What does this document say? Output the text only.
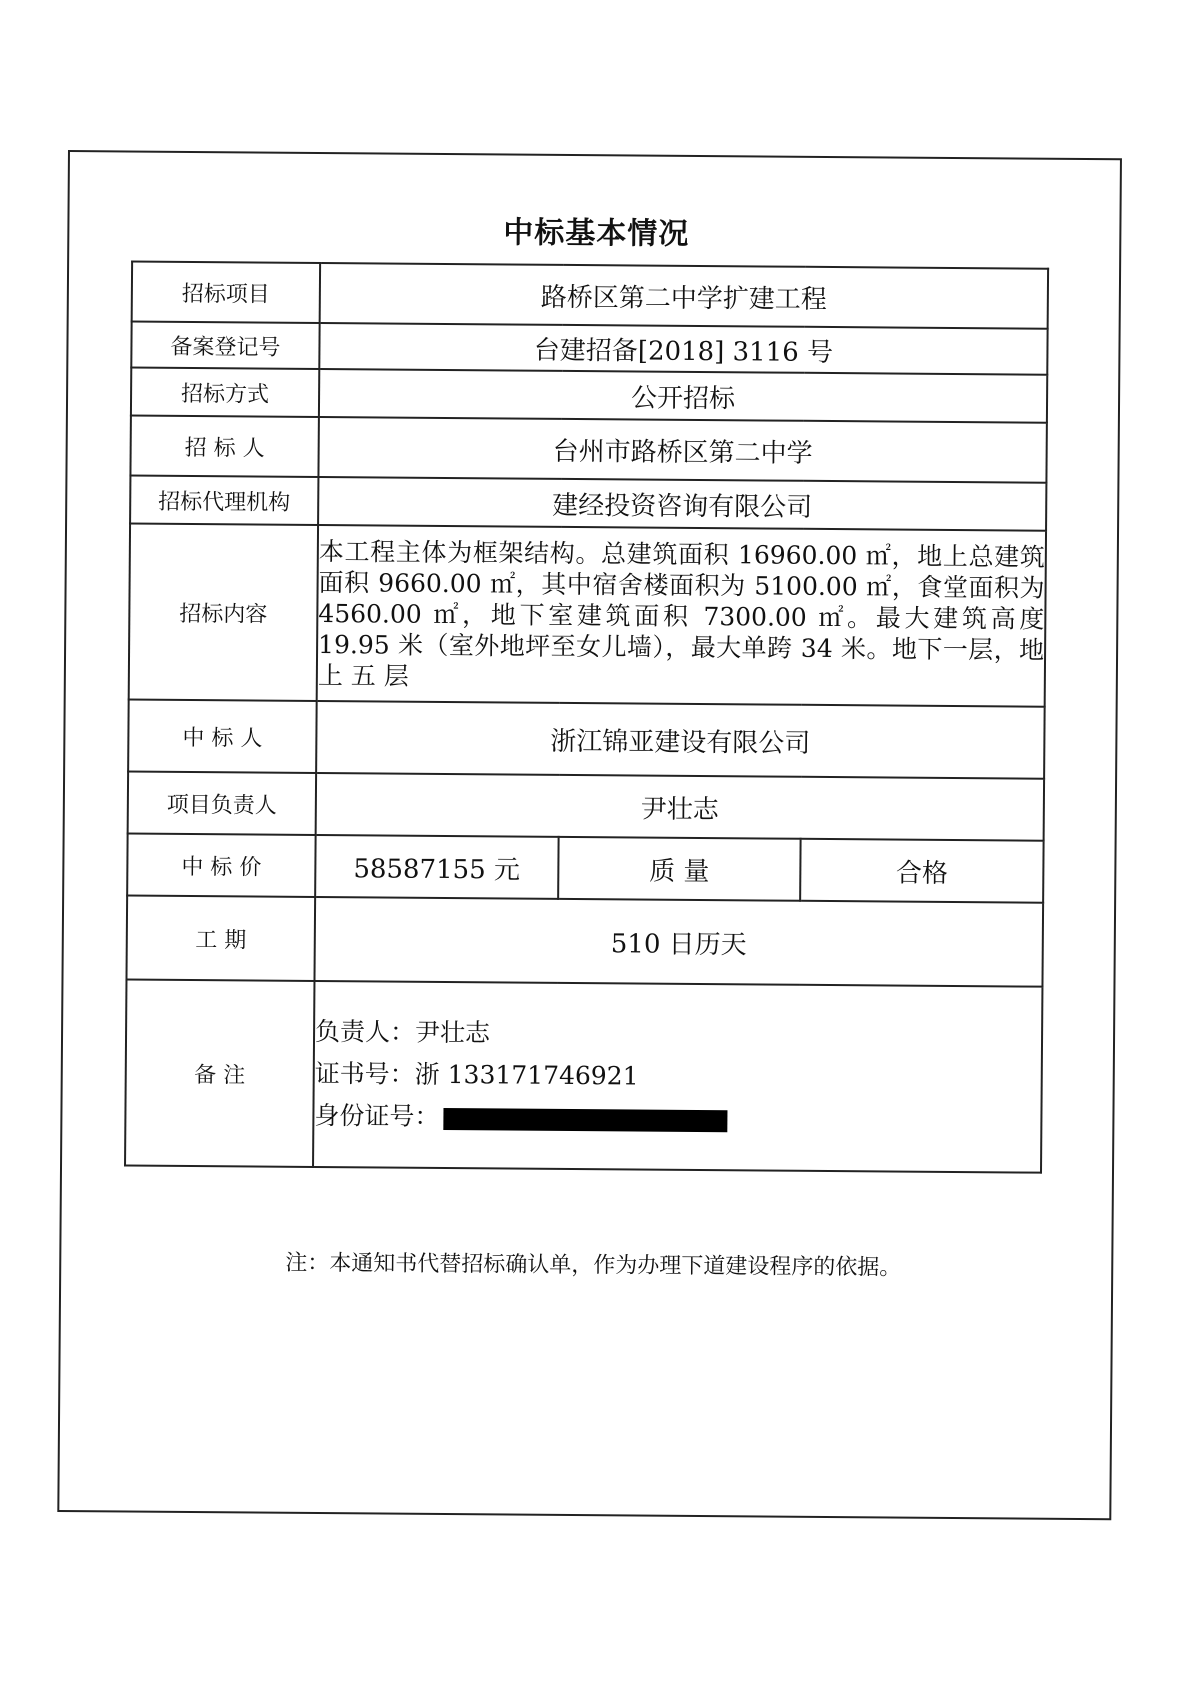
中标基本情况
招标项目	路桥区第二中学扩建工程		
备案登记号	台建招备[2018] 3116 号		
招标方式	公开招标		
招 标 人	台州市路桥区第二中学		
招标代理机构	建经投资咨询有限公司		
招标内容	本工程主体为框架结构。总建筑面积 16960.00 ㎡，地上总建筑面积 9660.00 ㎡，其中宿舍楼面积为 5100.00 ㎡，食堂面积为 4560.00 ㎡，地下室建筑面积 7300.00 ㎡。最大建筑高度 19.95 米（室外地坪至女儿墙），最大单跨 34 米。地下一层，地上 五 层		
中 标 人	浙江锦亚建设有限公司		
项目负责人	尹壮志		
中 标 价	58587155 元	质 量	合格
工 期	510 日历天		
备 注	负责人：尹壮志
证书号：浙 133171746921
身份证号：		
注：本通知书代替招标确认单，作为办理下道建设程序的依据。
